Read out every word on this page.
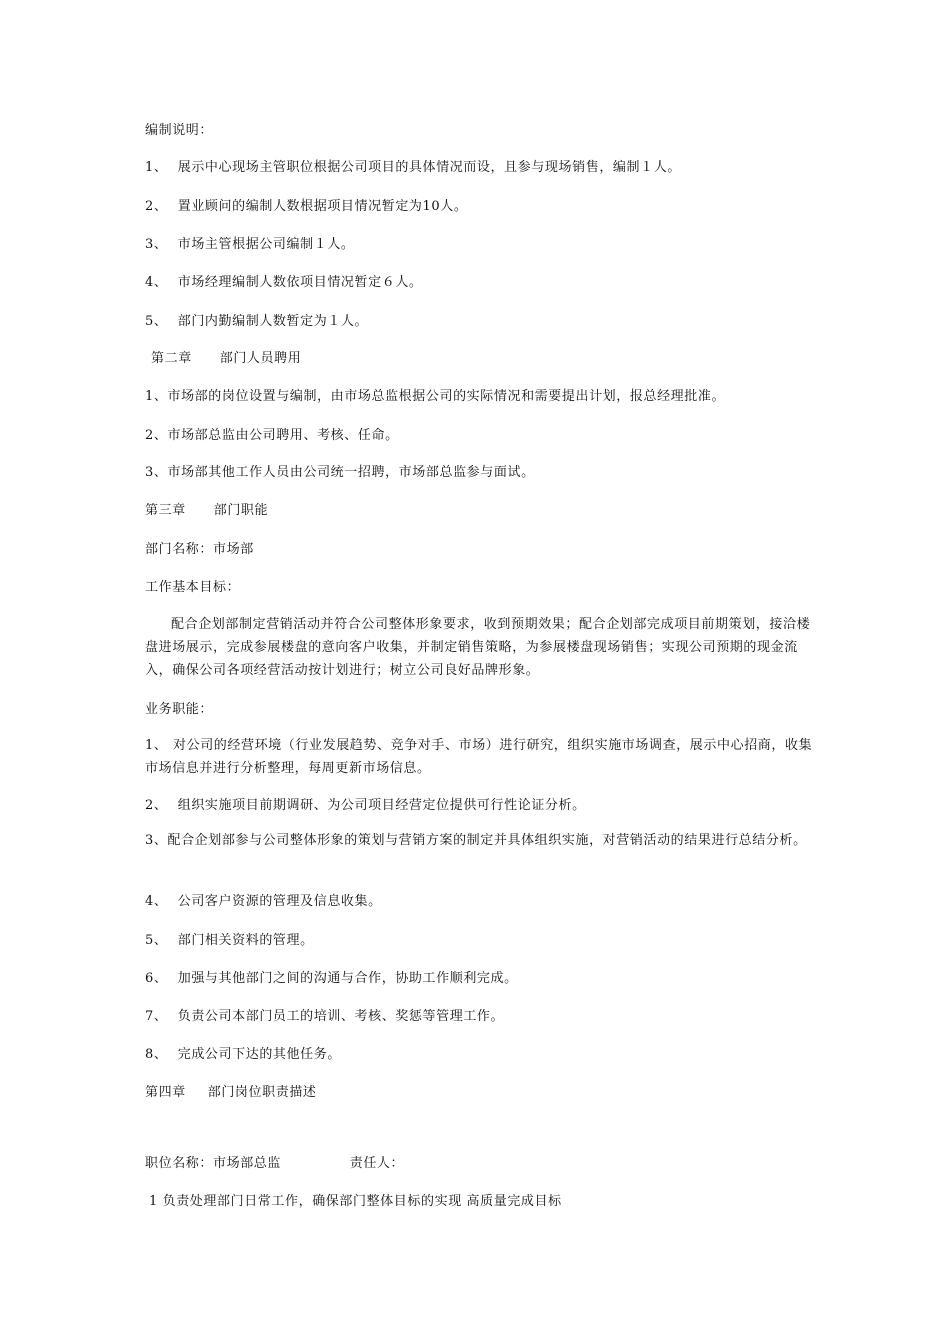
编制说明：
1、 展示中心现场主管职位根据公司项目的具体情况而设，且参与现场销售，编制１人。
2、 置业顾问的编制人数根据项目情况暂定为10人。
3、 市场主管根据公司编制１人。
4、 市场经理编制人数依项目情况暂定６人。
5、 部门内勤编制人数暂定为１人。
第二章 部门人员聘用
1、市场部的岗位设置与编制，由市场总监根据公司的实际情况和需要提出计划，报总经理批准。
2、市场部总监由公司聘用、考核、任命。
3、市场部其他工作人员由公司统一招聘，市场部总监参与面试。
第三章 部门职能
部门名称：市场部
工作基本目标：
配合企划部制定营销活动并符合公司整体形象要求，收到预期效果；配合企划部完成项目前期策划，接洽楼盘进场展示，完成参展楼盘的意向客户收集，并制定销售策略，为参展楼盘现场销售；实现公司预期的现金流入，确保公司各项经营活动按计划进行；树立公司良好品牌形象。
业务职能：
1、 对公司的经营环境（行业发展趋势、竞争对手、市场）进行研究，组织实施市场调查，展示中心招商，收集市场信息并进行分析整理，每周更新市场信息。
2、 组织实施项目前期调研、为公司项目经营定位提供可行性论证分析。
3、配合企划部参与公司整体形象的策划与营销方案的制定并具体组织实施，对营销活动的结果进行总结分析。
4、 公司客户资源的管理及信息收集。
5、 部门相关资料的管理。
6、 加强与其他部门之间的沟通与合作，协助工作顺利完成。
7、 负责公司本部门员工的培训、考核、奖惩等管理工作。
8、 完成公司下达的其他任务。
第四章 部门岗位职责描述
职位名称：市场部总监	责任人：
1 负责处理部门日常工作，确保部门整体目标的实现 高质量完成目标
